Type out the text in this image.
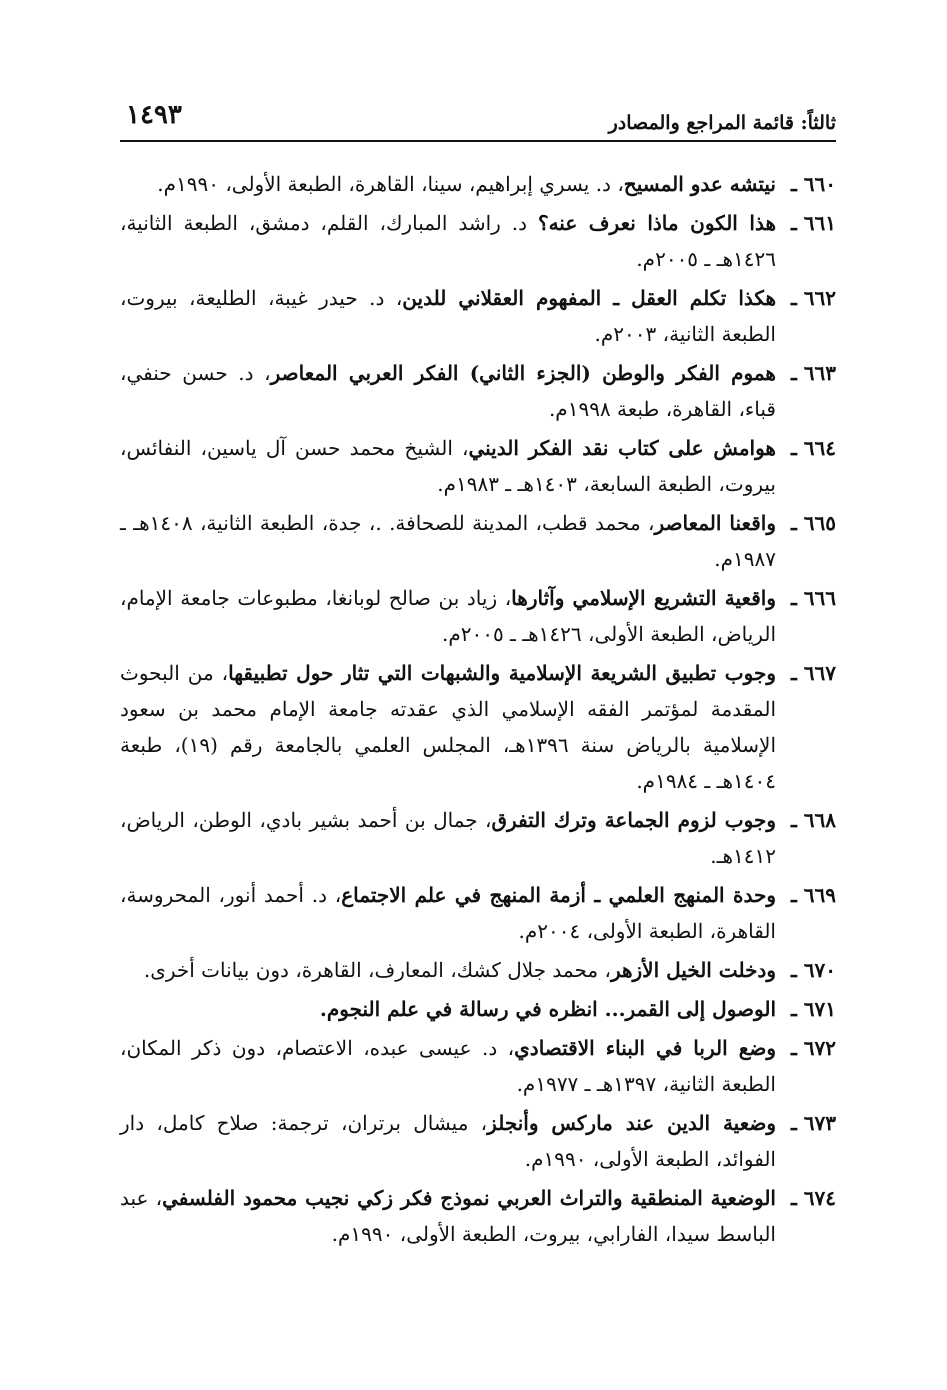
ثالثاً: قائمة المراجع والمصادر
١٤٩٣
٦٦٠ ـ
نيتشه عدو المسيح، د. يسري إبراهيم، سينا، القاهرة، الطبعة الأولى، ١٩٩٠م.
٦٦١ ـ
هذا الكون ماذا نعرف عنه؟ د. راشد المبارك، القلم، دمشق، الطبعة الثانية، ١٤٢٦هـ ـ ٢٠٠٥م.
٦٦٢ ـ
هكذا تكلم العقل ـ المفهوم العقلاني للدين، د. حيدر غيبة، الطليعة، بيروت، الطبعة الثانية، ٢٠٠٣م.
٦٦٣ ـ
هموم الفكر والوطن (الجزء الثاني) الفكر العربي المعاصر، د. حسن حنفي، قباء، القاهرة، طبعة ١٩٩٨م.
٦٦٤ ـ
هوامش على كتاب نقد الفكر الديني، الشيخ محمد حسن آل ياسين، النفائس، بيروت، الطبعة السابعة، ١٤٠٣هـ ـ ١٩٨٣م.
٦٦٥ ـ
واقعنا المعاصر، محمد قطب، المدينة للصحافة. .، جدة، الطبعة الثانية، ١٤٠٨هـ ـ ١٩٨٧م.
٦٦٦ ـ
واقعية التشريع الإسلامي وآثارها، زياد بن صالح لوبانغا، مطبوعات جامعة الإمام، الرياض، الطبعة الأولى، ١٤٢٦هـ ـ ٢٠٠٥م.
٦٦٧ ـ
وجوب تطبيق الشريعة الإسلامية والشبهات التي تثار حول تطبيقها، من البحوث المقدمة لمؤتمر الفقه الإسلامي الذي عقدته جامعة الإمام محمد بن سعود الإسلامية بالرياض سنة ١٣٩٦هـ، المجلس العلمي بالجامعة رقم (١٩)، طبعة ١٤٠٤هـ ـ ١٩٨٤م.
٦٦٨ ـ
وجوب لزوم الجماعة وترك التفرق، جمال بن أحمد بشير بادي، الوطن، الرياض، ١٤١٢هـ.
٦٦٩ ـ
وحدة المنهج العلمي ـ أزمة المنهج في علم الاجتماع، د. أحمد أنور، المحروسة، القاهرة، الطبعة الأولى، ٢٠٠٤م.
٦٧٠ ـ
ودخلت الخيل الأزهر، محمد جلال كشك، المعارف، القاهرة، دون بيانات أخرى.
٦٧١ ـ
الوصول إلى القمر... انظره في رسالة في علم النجوم.
٦٧٢ ـ
وضع الربا في البناء الاقتصادي، د. عيسى عبده، الاعتصام، دون ذكر المكان، الطبعة الثانية، ١٣٩٧هـ ـ ١٩٧٧م.
٦٧٣ ـ
وضعية الدين عند ماركس وأنجلز، ميشال برتران، ترجمة: صلاح كامل، دار الفوائد، الطبعة الأولى، ١٩٩٠م.
٦٧٤ ـ
الوضعية المنطقية والتراث العربي نموذج فكر زكي نجيب محمود الفلسفي، عبد الباسط سيدا، الفارابي، بيروت، الطبعة الأولى، ١٩٩٠م.
